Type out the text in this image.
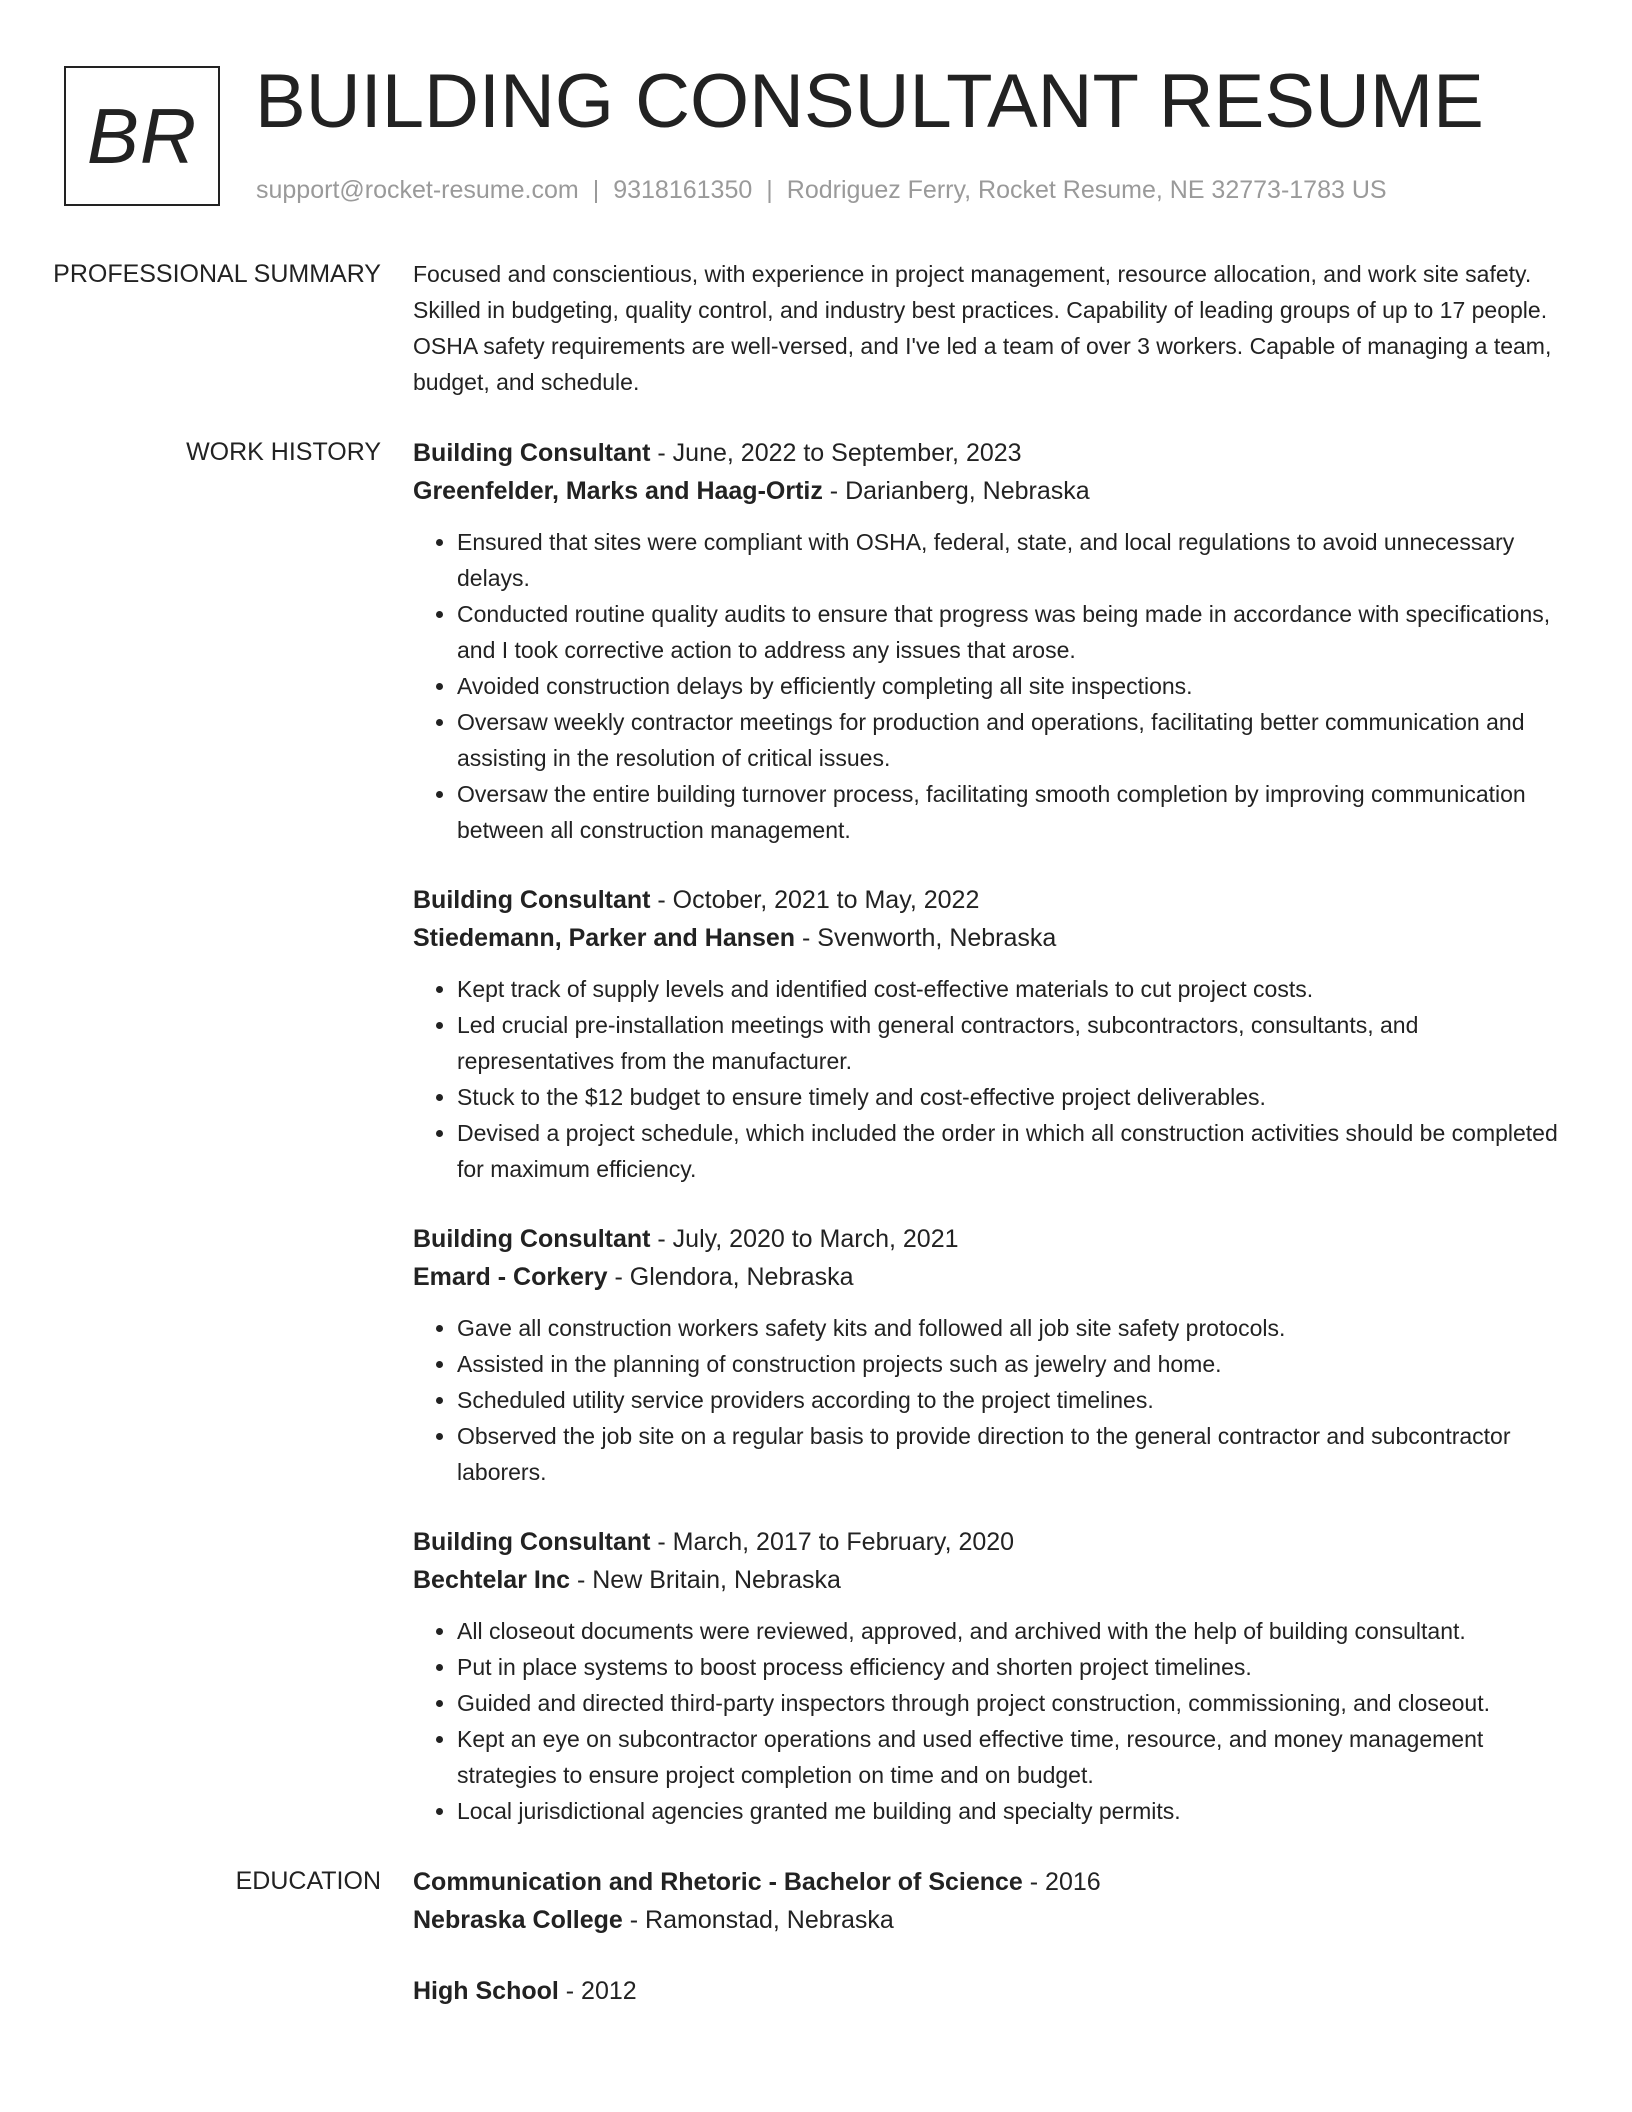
BR BUILDING CONSULTANT RESUME
support@rocket-resume.com | 9318161350 | Rodriguez Ferry, Rocket Resume, NE 32773-1783 US
PROFESSIONAL SUMMARY	Focused and conscientious, with experience in project management, resource allocation, and work site safety. Skilled in budgeting, quality control, and industry best practices. Capability of leading groups of up to 17 people. OSHA safety requirements are well-versed, and I've led a team of over 3 workers. Capable of managing a team, budget, and schedule.

WORK HISTORY	Building Consultant - June, 2022 to September, 2023
Greenfelder, Marks and Haag-Ortiz - Darianberg, Nebraska
• Ensured that sites were compliant with OSHA, federal, state, and local regulations to avoid unnecessary delays.
• Conducted routine quality audits to ensure that progress was being made in accordance with specifications, and I took corrective action to address any issues that arose.
• Avoided construction delays by efficiently completing all site inspections.
• Oversaw weekly contractor meetings for production and operations, facilitating better communication and assisting in the resolution of critical issues.
• Oversaw the entire building turnover process, facilitating smooth completion by improving communication between all construction management.
Building Consultant - October, 2021 to May, 2022
Stiedemann, Parker and Hansen - Svenworth, Nebraska
• Kept track of supply levels and identified cost-effective materials to cut project costs.
• Led crucial pre-installation meetings with general contractors, subcontractors, consultants, and representatives from the manufacturer.
• Stuck to the $12 budget to ensure timely and cost-effective project deliverables.
• Devised a project schedule, which included the order in which all construction activities should be completed for maximum efficiency.
Building Consultant - July, 2020 to March, 2021
Emard - Corkery - Glendora, Nebraska
• Gave all construction workers safety kits and followed all job site safety protocols.
• Assisted in the planning of construction projects such as jewelry and home.
• Scheduled utility service providers according to the project timelines.
• Observed the job site on a regular basis to provide direction to the general contractor and subcontractor laborers.
Building Consultant - March, 2017 to February, 2020
Bechtelar Inc - New Britain, Nebraska
• All closeout documents were reviewed, approved, and archived with the help of building consultant.
• Put in place systems to boost process efficiency and shorten project timelines.
• Guided and directed third-party inspectors through project construction, commissioning, and closeout.
• Kept an eye on subcontractor operations and used effective time, resource, and money management strategies to ensure project completion on time and on budget.
• Local jurisdictional agencies granted me building and specialty permits.
EDUCATION	Communication and Rhetoric - Bachelor of Science - 2016
Nebraska College - Ramonstad, Nebraska
High School - 2012
